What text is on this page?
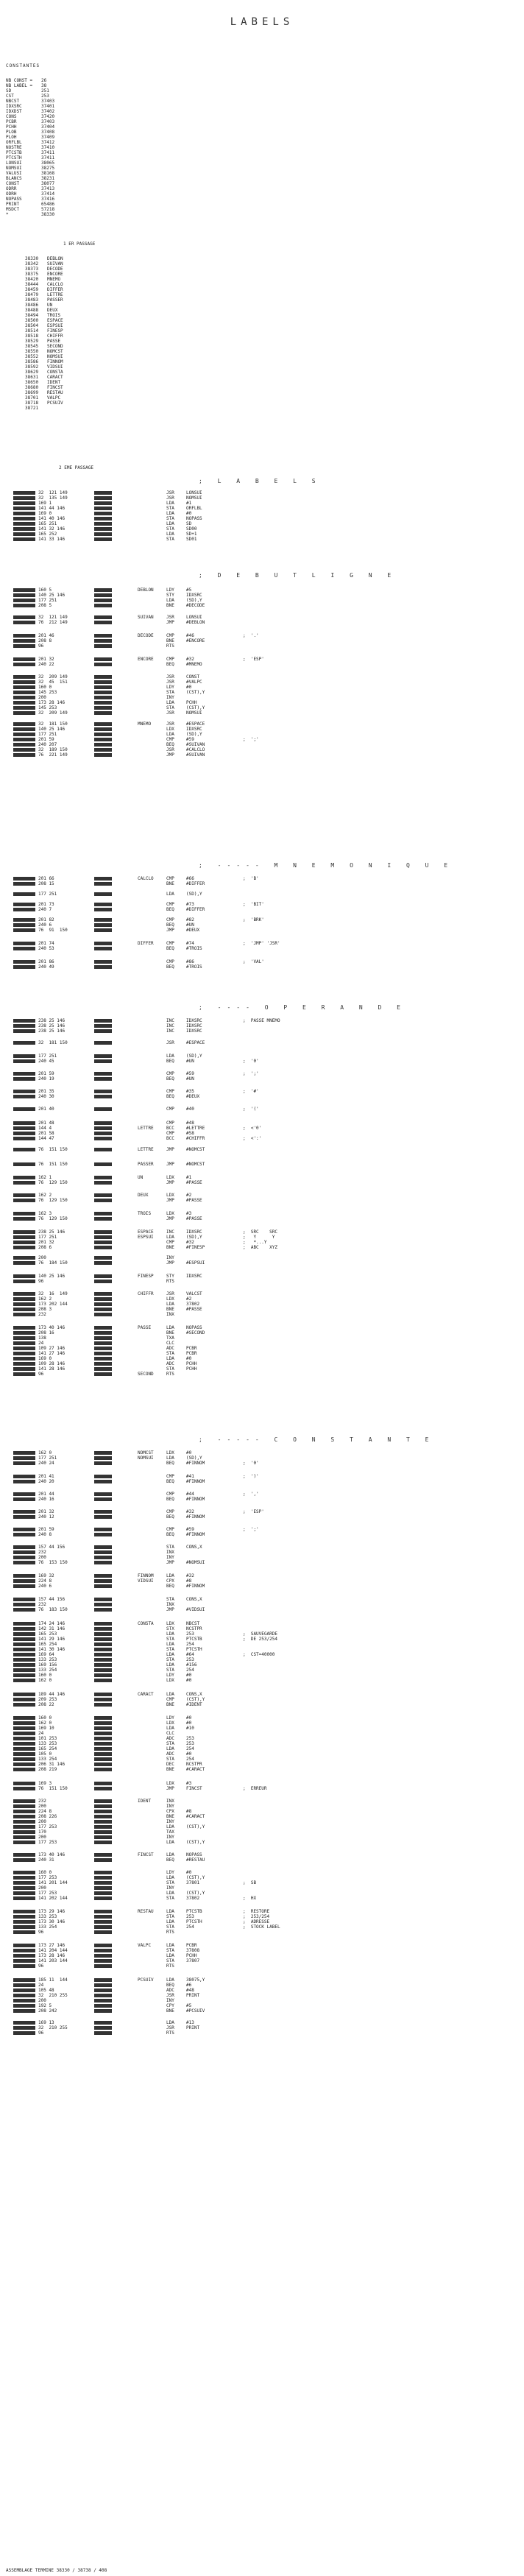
LABELS
CONSTANTES
NB CONST =	26
NB LABEL =	38
SD	251
CST	253
NBCST	37403
IDXSRC	37401
IDXDST	37402
CONS	37420
PCBR	37403
PCHH	37404
PLOB	37408
PLOH	37409
ORFLBL	37412
NOSTRE	37410
PTCSTB	37411
PTCSTH	37411
LONSUI	38065
NOMSUI	38275
VALUSI	38168
BLANCS	38231
CONST	38077
ODRR	37413
ODRH	37414
NOPASS	37416
PRINT	65486
MSDCT	57218
*	38330
1 ER PASSAGE
38330	DEBLON
38342	SUIVAN
38373	DECODE
38375	ENCORE
38420	MNEMO
38444	CALCLO
38459	DIFFER
38479	LETTRE
38483	PASSER
38486	UN
38488	DEUX
38494	TROIS
38500	ESPACE
38504	ESPSUI
38514	FINESP
38518	CHIFFR
38529	PASSE
38545	SECOND
38550	NOMCST
38552	NOMSUI
38586	FINNOM
38592	VIDSUI
38629	CONSTA
38631	CARACT
38650	IDENT
38680	FINCST
38699	RESTAU
38701	VALPC
38718	PCSUIV
38721
2 EME PASSAGE
; L A B E L S
; D E B U T L I G N E
; ----- M N E M O N I Q U E
; ---- O P E R A N D E
; ----- C O N S T A N T E
32  121 149	JSR	LONSUI
32  135 149	JSR	NOMSUI
169 1	LDA	#1
141 44 146	STA	ORFLBL
169 0	LDA	#0
141 40 146	STA	NOPASS
165 251	LDA	SD
141 32 146	STA	SD00
165 252	LDA	SD+1
141 33 146	STA	SD01
160 5	DEBLON	LDY	#5
140 25 146	STY	IDXSRC
177 251	LDA	(SD),Y
208 5	BNE	#DECODE
32  121 149	SUIVAN	JSR	LONSUI
76  212 149	JMP	#DEBLON
201 46	DECODE	CMP	#46	;  '.'
208 8	BNE	#ENCORE
96	RTS
201 32	ENCORE	CMP	#32	;  'ESP'
240 22	BEQ	#MNEMO
32  209 149	JSR	CONST
32  45  151	JSR	#VALPC
160 0	LDY	#0
145 253	STA	(CST),Y
200	INY
173 28 146	LDA	PCHH
145 253	STA	(CST),Y
32  209 149	JSR	NOMSUI
32  181 150	MNEMO	JSR	#ESPACE
140 25 146	LDX	IDXSRC
177 251	LDA	(SD),Y
201 59	CMP	#59	;  ';'
240 207	BEQ	#SUIVAN
32  189 150	JSR	#CALCLO
76  221 149	JMP	#SUIVAN
201 66	CALCLO	CMP	#66	;  'B'
208 15	BNE	#DIFFER
177 251	LDA	(SD),Y
201 73	CMP	#73	;  'BIT'
240 7	BEQ	#DIFFER
201 82	CMP	#82	;  'BRK'
240 6	BEQ	#UN
76  91  150	JMP	#DEUX
201 74	DIFFER	CMP	#74	;  'JMP' 'JSR'
240 53	BEQ	#TROIS
201 86	CMP	#86	;  'VAL'
240 49	BEQ	#TROIS
238 25 146	INC	IDXSRC	;  PASSE MNEMO
238 25 146	INC	IDXSRC
238 25 146	INC	IDXSRC
32  181 150	JSR	#ESPACE
177 251	LDA	(SD),Y
240 45	BEQ	#UN	;  '0'
201 59	CMP	#59	;  ';'
240 19	BEQ	#UN
201 35	CMP	#35	;  '#'
240 30	BEQ	#DEUX
201 40	CMP	#40	;  '('
201 48	CMP	#48
144 4	LETTRE	BCC	#LETTRE	;  <'0'
201 58	CMP	#58
144 47	BCC	#CHIFFR	;  <':'
76  151 150	LETTRE	JMP	#NOMCST
76  151 150	PASSER	JMP	#NOMCST
162 1	UN	LDX	#1
76  129 150	JMP	#PASSE
162 2	DEUX	LDX	#2
76  129 150	JMP	#PASSE
162 3	TROIS	LDX	#3
76  129 150	JMP	#PASSE
238 25 146	ESPACE	INC	IDXSRC	;  SRC    SRC
177 251	ESPSUI	LDA	(SD),Y	;   Y      Y
201 32	CMP	#32	;   *...Y
208 6	BNE	#FINESP	;  ABC    XYZ
200	INY
76  184 150	JMP	#ESPSUI
140 25 146	FINESP	STY	IDXSRC
96	RTS
32  16  149	CHIFFR	JSR	VALCST
162 2	LDX	#2
173 202 144	LDA	37802
208 3	BNE	#PASSE
232	INX
173 40 146	PASSE	LDA	NOPASS
208 16	BNE	#SECOND
138	TXA
24	CLC
109 27 146	ADC	PCBR
141 27 146	STA	PCBR
169 0	LDA	#0
109 28 146	ADC	PCHH
141 28 146	STA	PCHH
96	SECOND	RTS
162 0	NOMCST	LDX	#0
177 251	NOMSUI	LDA	(SD),Y
240 24	BEQ	#FINNOM	;  '0'
201 41	CMP	#41	;  ')'
240 20	BEQ	#FINNOM
201 44	CMP	#44	;  ','
240 16	BEQ	#FINNOM
201 32	CMP	#32	;  'ESP'
240 12	BEQ	#FINNOM
201 59	CMP	#59	;  ';'
240 8	BEQ	#FINNOM
157 44 156	STA	CONS,X
232	INX
200	INY
76  153 150	JMP	#NOMSUI
169 32	FINNOM	LDA	#32
224 8	VIDSUI	CPX	#8
240 6	BEQ	#FINNOM
157 44 156	STA	CONS,X
232	INX
76  183 150	JMP	#VIDSUI
174 24 146	CONSTA	LDX	NBCST
142 31 146	STX	NCSTPR
165 253	LDA	253	;  SAUVEGARDE
141 29 146	STA	PTCSTB	;  DE 253/254
165 254	LDA	254
141 30 146	STA	PTCSTH
169 64	LDA	#64	;  CST=40000
133 253	STA	253
169 156	LDA	#156
133 254	STA	254
160 0	LDY	#0
162 0	LDX	#0
189 44 146	CARACT	LDA	CONS,X
209 253	CMP	(CST),Y
208 22	BNE	#IDENT
160 0	LDY	#0
162 0	LDX	#0
169 10	LDA	#10
24	CLC
101 253	ADC	253
133 253	STA	253
165 254	LDA	254
105 0	ADC	#0
133 254	STA	254
206 31 146	DEC	NCSTPR
208 219	BNE	#CARACT
169 3	LDX	#3
76  151 150	JMP	FINCST	;  ERREUR
232	IDENT	INX
200	INY
224 8	CPX	#8
208 226	BNE	#CARACT
200	INY
177 253	LDA	(CST),Y
170	TAX
200	INY
177 253	LDA	(CST),Y
173 40 146	FINCST	LDA	NOPASS
240 31	BEQ	#RESTAU
160 0	LDY	#0
177 253	LDA	(CST),Y
141 201 144	STA	37801	;  SB
200	INY
177 253	LDA	(CST),Y
141 202 144	STA	37802	;  HX
173 29 146	RESTAU	LDA	PTCSTB	;  RESTORE
133 253	STA	253	;  253/254
173 30 146	LDA	PTCSTH	;  ADRESSE
133 254	STA	254	;  STOCK LABEL
96	RTS
173 27 146	VALPC	LDA	PCBR
141 204 144	STA	37808
173 28 146	LDA	PCHH
141 203 144	STA	37807
96	RTS
185 11  144	PCSUIV	LDA	38075,Y
24	BEQ	#6
105 48	ADC	#48
32  210 255	JSR	PRINT
200	INY
192 5	CPY	#5
208 242	BNE	#PCSUIV
169 13	LDA	#13
32  210 255	JSR	PRINT
96	RTS
ASSEMBLAGE TERMINE 38330 / 38738 / 408
